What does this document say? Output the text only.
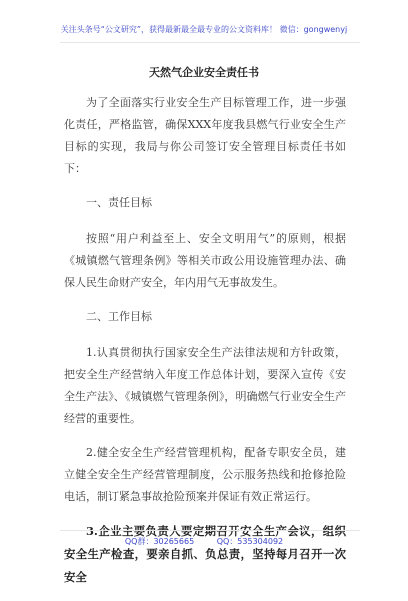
关注头条号“公文研究”，获得最新最全最专业的公文资料库！ 微信：gongwenyj
天然气企业安全责任书

为了全面落实行业安全生产目标管理工作，进一步强化责任，严格监管，确保XXX年度我县燃气行业安全生产目标的实现，我局与你公司签订安全管理目标责任书如下：

一、责任目标

按照“用户利益至上、安全文明用气”的原则，根据《城镇燃气管理条例》等相关市政公用设施管理办法、确保人民生命财产安全，年内用气无事故发生。

二、工作目标

1.认真贯彻执行国家安全生产法律法规和方针政策，把安全生产经营纳入年度工作总体计划，要深入宣传《安全生产法》、《城镇燃气管理条例》，明确燃气行业安全生产经营的重要性。

2.健全安全生产经营管理机构，配备专职安全员，建立健全安全生产经营管理制度，公示服务热线和抢修抢险电话，制订紧急事故抢险预案并保证有效正常运行。

3.企业主要负责人要定期召开安全生产会议，组织安全生产检查，要亲自抓、负总责，坚持每月召开一次安全

QQ群：30265665	QQ：535304092
